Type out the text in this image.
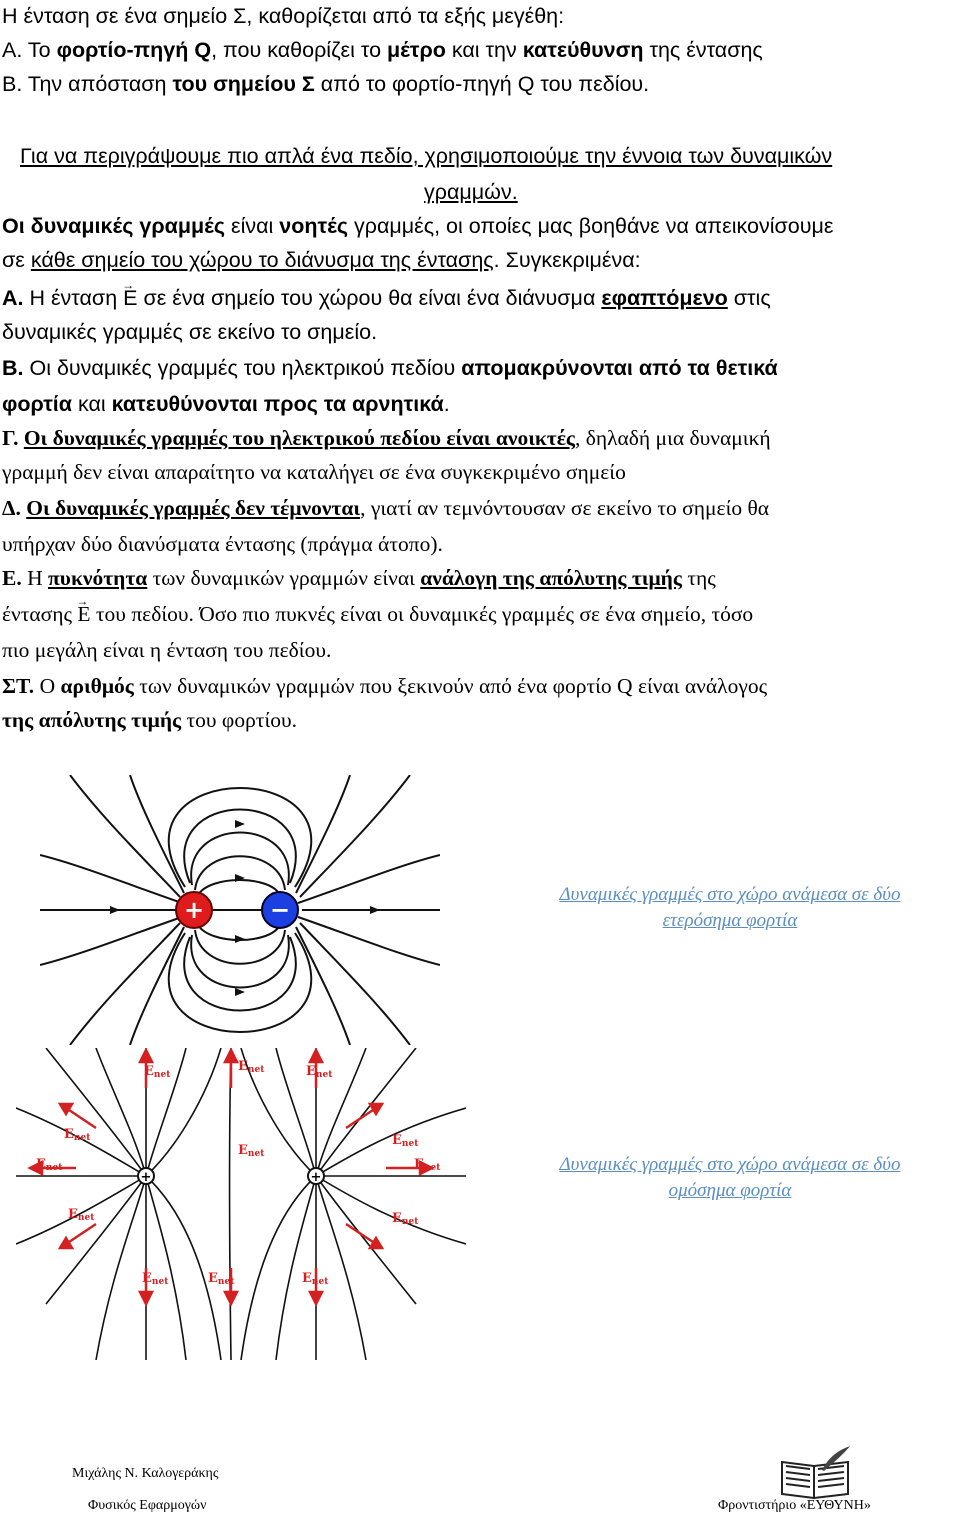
Η ένταση σε ένα σημείο Σ, καθορίζεται από τα εξής μεγέθη:
Α. Το φορτίο-πηγή Q, που καθορίζει το μέτρο και την κατεύθυνση της έντασης
Β. Την απόσταση του σημείου Σ από το φορτίο-πηγή Q του πεδίου.
Για να περιγράψουμε πιο απλά ένα πεδίο, χρησιμοποιούμε την έννοια των δυναμικών
γραμμών.
Οι δυναμικές γραμμές είναι νοητές γραμμές, οι οποίες μας βοηθάνε να απεικονίσουμε
σε κάθε σημείο του χώρου το διάνυσμα της έντασης. Συγκεκριμένα:
Α. Η ένταση → E σε ένα σημείο του χώρου θα είναι ένα διάνυσμα εφαπτόμενο στις
δυναμικές γραμμές σε εκείνο το σημείο.
Β. Οι δυναμικές γραμμές του ηλεκτρικού πεδίου απομακρύνονται από τα θετικά
φορτία και κατευθύνονται προς τα αρνητικά.
Γ. Οι δυναμικές γραμμές του ηλεκτρικού πεδίου είναι ανοικτές, δηλαδή μια δυναμική
γραμμή δεν είναι απαραίτητο να καταλήγει σε ένα συγκεκριμένο σημείο
Δ. Οι δυναμικές γραμμές δεν τέμνονται, γιατί αν τεμνόντουσαν σε εκείνο το σημείο θα
υπήρχαν δύο διανύσματα έντασης (πράγμα άτοπο).
Ε. Η πυκνότητα των δυναμικών γραμμών είναι ανάλογη της απόλυτης τιμής της
έντασης → E του πεδίου. Όσο πιο πυκνές είναι οι δυναμικές γραμμές σε ένα σημείο, τόσο
πιο μεγάλη είναι η ένταση του πεδίου.
ΣΤ. Ο αριθμός των δυναμικών γραμμών που ξεκινούν από ένα φορτίο Q είναι ανάλογος
της απόλυτης τιμής του φορτίου.
+	−
Δυναμικές γραμμές στο χώρο ανάμεσα σε δύο
ετερόσημα φορτία
Enet
Enet	Enet
Enet	Enet
Enet
Enet
Enet
Enet	Enet
Enet	Enet	Enet
+	+
Δυναμικές γραμμές στο χώρο ανάμεσα σε δύο
ομόσημα φορτία
Μιχάλης Ν. Καλογεράκης
Φυσικός Εφαρμογών	Φροντιστήριο «ΕΥΘΥΝΗ»
